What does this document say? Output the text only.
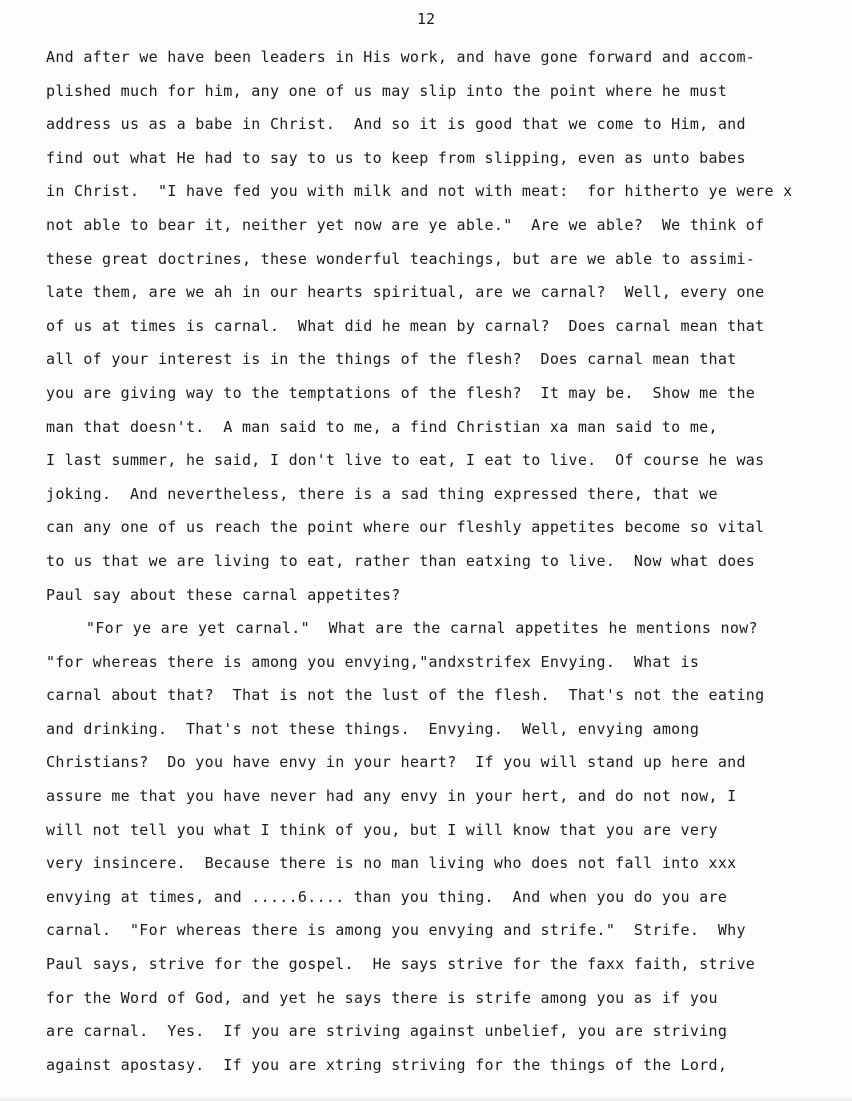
12
And after we have been leaders in His work, and have gone forward and accom-
plished much for him, any one of us may slip into the point where he must
address us as a babe in Christ.  And so it is good that we come to Him, and
find out what He had to say to us to keep from slipping, even as unto babes
in Christ.  "I have fed you with milk and not with meat:  for hitherto ye were x
not able to bear it, neither yet now are ye able."  Are we able?  We think of
these great doctrines, these wonderful teachings, but are we able to assimi-
late them, are we ah in our hearts spiritual, are we carnal?  Well, every one
of us at times is carnal.  What did he mean by carnal?  Does carnal mean that
all of your interest is in the things of the flesh?  Does carnal mean that
you are giving way to the temptations of the flesh?  It may be.  Show me the
man that doesn't.  A man said to me, a find Christian xa man said to me,
I last summer, he said, I don't live to eat, I eat to live.  Of course he was
joking.  And nevertheless, there is a sad thing expressed there, that we
can any one of us reach the point where our fleshly appetites become so vital
to us that we are living to eat, rather than eatxing to live.  Now what does
Paul say about these carnal appetites?
"For ye are yet carnal."  What are the carnal appetites he mentions now?
"for whereas there is among you envying,"andxstrifex Envying.  What is
carnal about that?  That is not the lust of the flesh.  That's not the eating
and drinking.  That's not these things.  Envying.  Well, envying among
Christians?  Do you have envy in your heart?  If you will stand up here and
assure me that you have never had any envy in your hert, and do not now, I
will not tell you what I think of you, but I will know that you are very
very insincere.  Because there is no man living who does not fall into xxx
envying at times, and .....6.... than you thing.  And when you do you are
carnal.  "For whereas there is among you envying and strife."  Strife.  Why
Paul says, strive for the gospel.  He says strive for the faxx faith, strive
for the Word of God, and yet he says there is strife among you as if you
are carnal.  Yes.  If you are striving against unbelief, you are striving
against apostasy.  If you are xtring striving for the things of the Lord,
